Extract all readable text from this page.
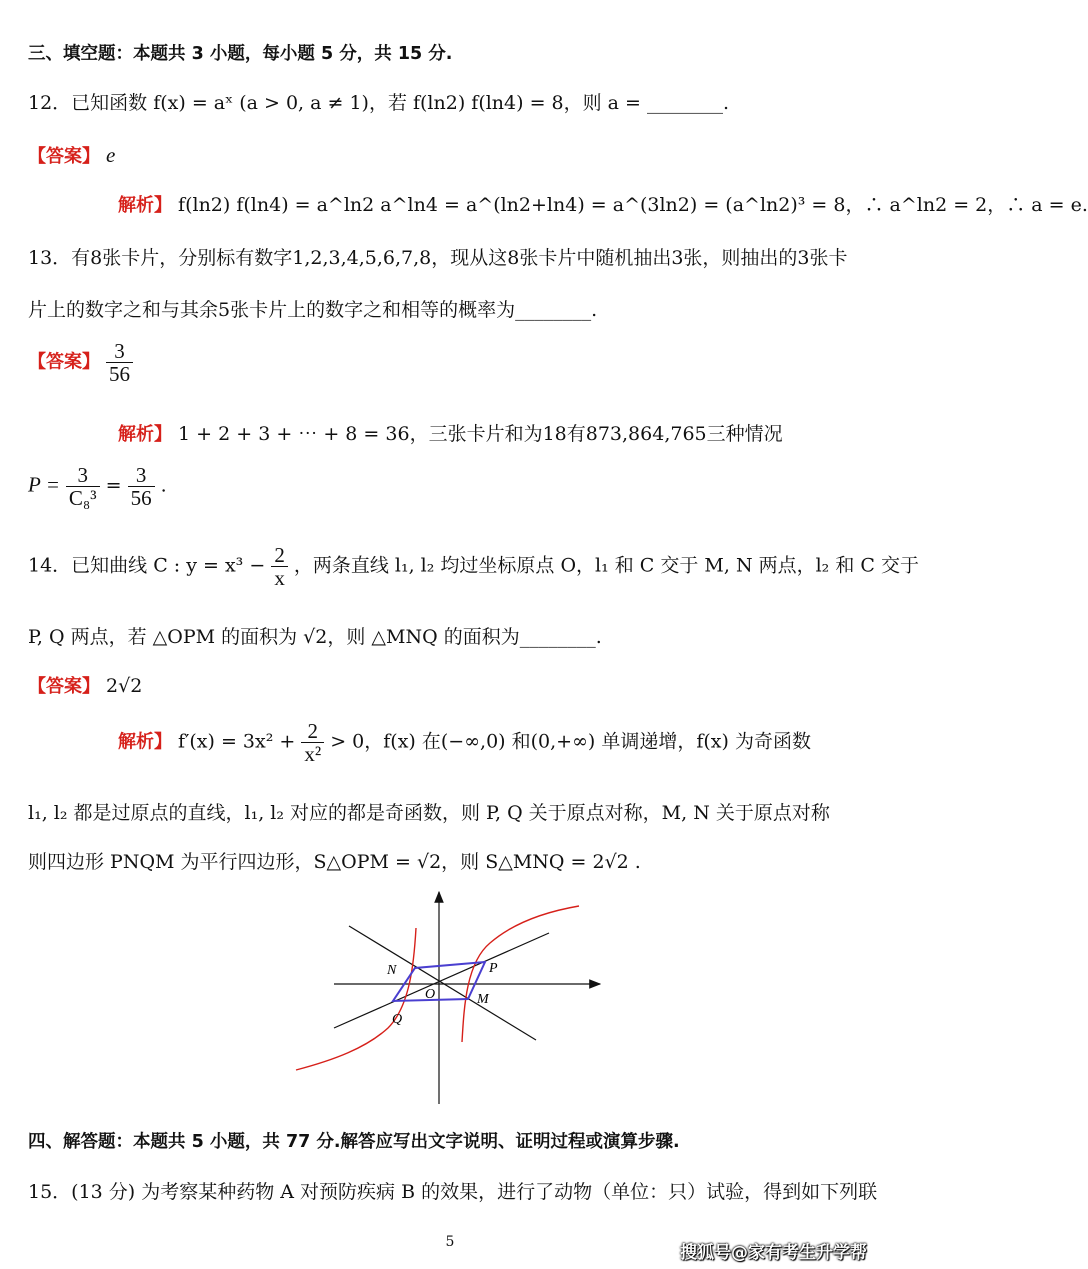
三、填空题：本题共 3 小题，每小题 5 分，共 15 分.
12．已知函数 f(x) = aˣ (a > 0, a ≠ 1)，若 f(ln2) f(ln4) = 8，则 a = ________.
【答案】 e
解析】 f(ln2) f(ln4) = a^ln2 a^ln4 = a^(ln2+ln4) = a^(3ln2) = (a^ln2)³ = 8，∴ a^ln2 = 2，∴ a = e.
13．有8张卡片，分别标有数字1,2,3,4,5,6,7,8，现从这8张卡片中随机抽出3张，则抽出的3张卡
片上的数字之和与其余5张卡片上的数字之和相等的概率为________.
【答案】 $\frac{3}{56}$
解析】 1 + 2 + 3 + ⋯ + 8 = 36，三张卡片和为18有873,864,765三种情况
$P = \frac{3}{\text{C₈³}} = \frac{3}{56}$ .
14．已知曲线 C : $y = x^3 - \frac{2}{x}$ ，两条直线 l₁, l₂ 均过坐标原点 O，l₁ 和 C 交于 M, N 两点，l₂ 和 C 交于
P, Q 两点，若 △OPM 的面积为 √2，则 △MNQ 的面积为________.
【答案】 2√2
解析】 $f'(x) = 3x^2 + \frac{2}{\text{x²}} > 0$，f(x) 在(−∞,0) 和(0,+∞) 单调递增，f(x) 为奇函数
l₁, l₂ 都是过原点的直线，l₁, l₂ 对应的都是奇函数，则 P, Q 关于原点对称，M, N 关于原点对称
则四边形 PNQM 为平行四边形，S△OPM = √2，则 S△MNQ = 2√2 .
N	P
O	M
Q
四、解答题：本题共 5 小题，共 77 分.解答应写出文字说明、证明过程或演算步骤.
15．(13 分) 为考察某种药物 A 对预防疾病 B 的效果，进行了动物（单位：只）试验，得到如下列联
5
搜狐号@家有考生升学帮
